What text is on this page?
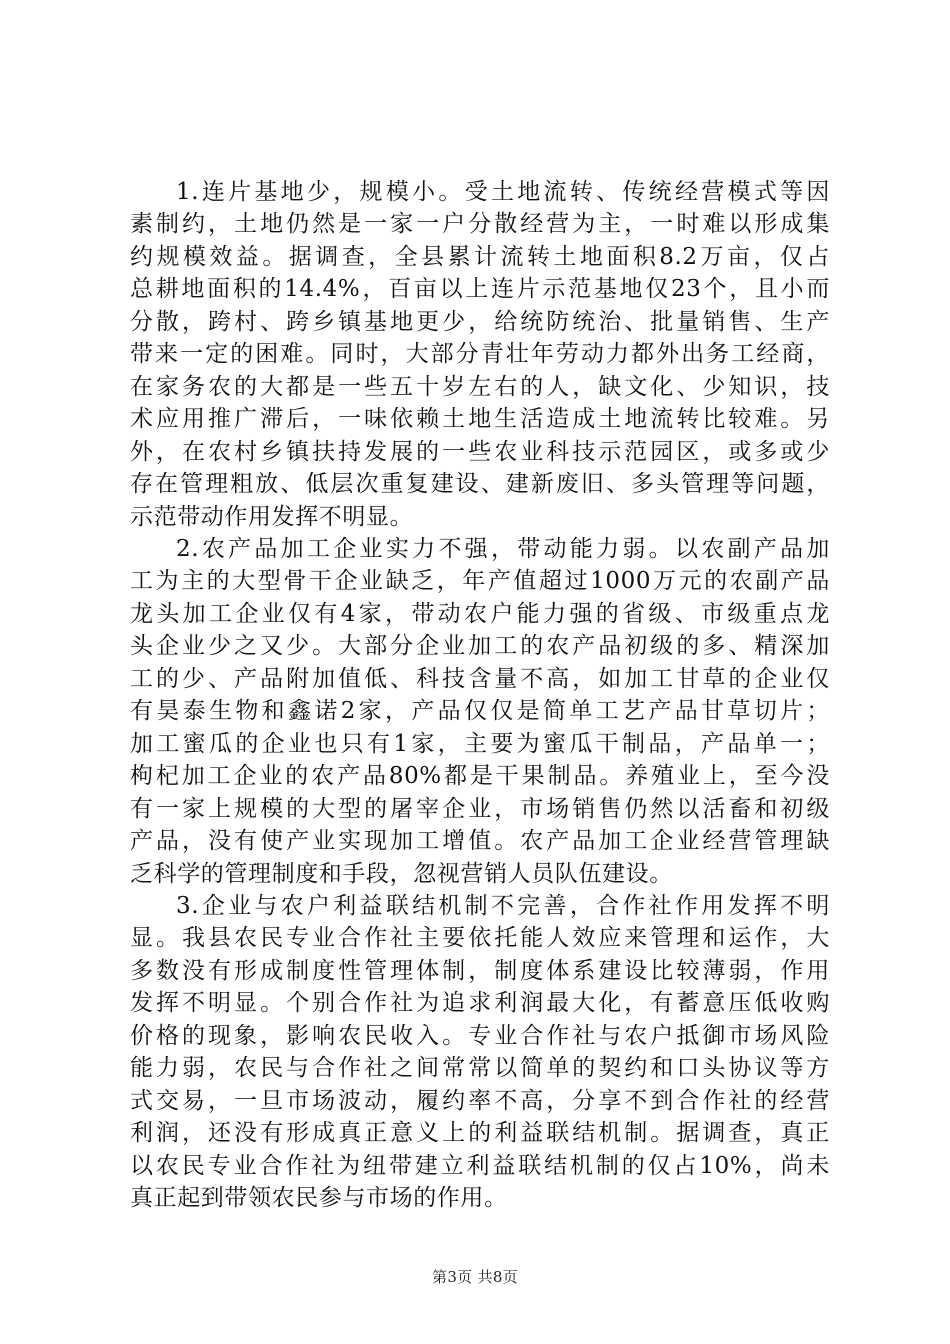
1.连片基地少，规模小。受土地流转、传统经营模式等因
素制约，土地仍然是一家一户分散经营为主，一时难以形成集
约规模效益。据调查，全县累计流转土地面积8.2万亩，仅占
总耕地面积的14.4%，百亩以上连片示范基地仅23个，且小而
分散，跨村、跨乡镇基地更少，给统防统治、批量销售、生产
带来一定的困难。同时，大部分青壮年劳动力都外出务工经商，
在家务农的大都是一些五十岁左右的人，缺文化、少知识，技
术应用推广滞后，一味依赖土地生活造成土地流转比较难。另
外，在农村乡镇扶持发展的一些农业科技示范园区，或多或少
存在管理粗放、低层次重复建设、建新废旧、多头管理等问题，
示范带动作用发挥不明显。

2.农产品加工企业实力不强，带动能力弱。以农副产品加
工为主的大型骨干企业缺乏，年产值超过1000万元的农副产品
龙头加工企业仅有4家，带动农户能力强的省级、市级重点龙
头企业少之又少。大部分企业加工的农产品初级的多、精深加
工的少、产品附加值低、科技含量不高，如加工甘草的企业仅
有昊泰生物和鑫诺2家，产品仅仅是简单工艺产品甘草切片；
加工蜜瓜的企业也只有1家，主要为蜜瓜干制品，产品单一；
枸杞加工企业的农产品80%都是干果制品。养殖业上，至今没
有一家上规模的大型的屠宰企业，市场销售仍然以活畜和初级
产品，没有使产业实现加工增值。农产品加工企业经营管理缺
乏科学的管理制度和手段，忽视营销人员队伍建设。

3.企业与农户利益联结机制不完善，合作社作用发挥不明
显。我县农民专业合作社主要依托能人效应来管理和运作，大
多数没有形成制度性管理体制，制度体系建设比较薄弱，作用
发挥不明显。个别合作社为追求利润最大化，有蓄意压低收购
价格的现象，影响农民收入。专业合作社与农户抵御市场风险
能力弱，农民与合作社之间常常以简单的契约和口头协议等方
式交易，一旦市场波动，履约率不高，分享不到合作社的经营
利润，还没有形成真正意义上的利益联结机制。据调查，真正
以农民专业合作社为纽带建立利益联结机制的仅占10%，尚未
真正起到带领农民参与市场的作用。

第3页 共8页
